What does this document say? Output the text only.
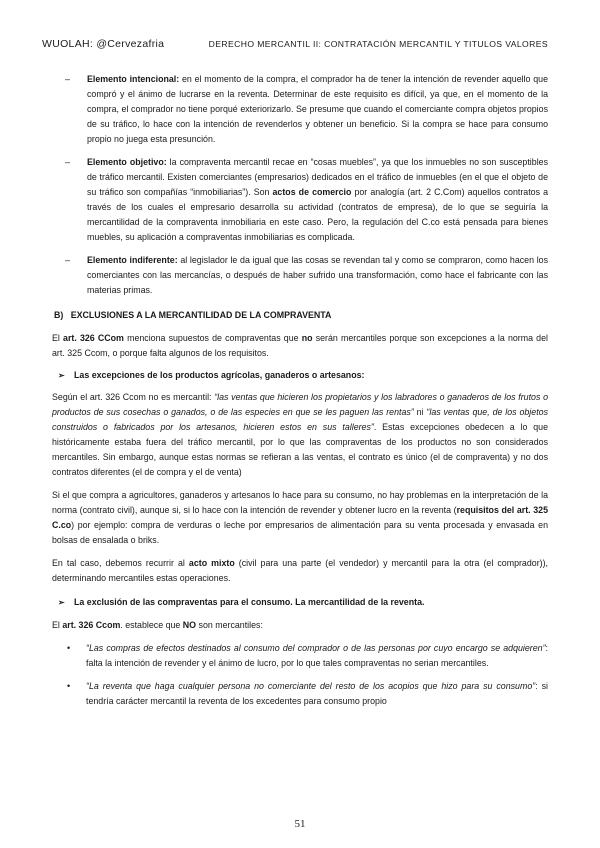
WUOLAH: @Cervezafria	DERECHO MERCANTIL II: CONTRATACIÓN MERCANTIL Y TITULOS VALORES

– Elemento intencional: en el momento de la compra, el comprador ha de tener la intención de revender aquello que compró y el ánimo de lucrarse en la reventa. Determinar de este requisito es difícil, ya que, en el momento de la compra, el comprador no tiene porqué exteriorizarlo. Se presume que cuando el comerciante compra objetos propios de su tráfico, lo hace con la intención de revenderlos y obtener un beneficio. Si la compra se hace para consumo propio no juega esta presunción.

– Elemento objetivo: la compraventa mercantil recae en “cosas muebles”, ya que los inmuebles no son susceptibles de tráfico mercantil. Existen comerciantes (empresarios) dedicados en el tráfico de inmuebles (en el que el objeto de su tráfico son compañías “inmobiliarias”). Son actos de comercio por analogía (art. 2 C.Com) aquellos contratos a través de los cuales el empresario desarrolla su actividad (contratos de empresa), de lo que se seguiría la mercantilidad de la compraventa inmobiliaria en este caso. Pero, la regulación del C.co está pensada para bienes muebles, su aplicación a compraventas inmobiliarias es complicada.

– Elemento indiferente: al legislador le da igual que las cosas se revendan tal y como se compraron, como hacen los comerciantes con las mercancías, o después de haber sufrido una transformación, como hace el fabricante con las materias primas.

B)   EXCLUSIONES A LA MERCANTILIDAD DE LA COMPRAVENTA

El art. 326 CCom menciona supuestos de compraventas que no serán mercantiles porque son excepciones a la norma del art. 325 Ccom, o porque falta algunos de los requisitos.

➢ Las excepciones de los productos agrícolas, ganaderos o artesanos:

Según el art. 326 Ccom no es mercantil: “las ventas que hicieren los propietarios y los labradores o ganaderos de los frutos o productos de sus cosechas o ganados, o de las especies en que se les paguen las rentas” ni “las ventas que, de los objetos construidos o fabricados por los artesanos, hicieren estos en sus talleres”. Estas excepciones obedecen a lo que históricamente estaba fuera del tráfico mercantil, por lo que las compraventas de los productos no son considerados mercantiles. Sin embargo, aunque estas normas se refieran a las ventas, el contrato es único (el de compraventa) y no dos contratos diferentes (el de compra y el de venta)

Si el que compra a agricultores, ganaderos y artesanos lo hace para su consumo, no hay problemas en la interpretación de la norma (contrato civil), aunque si, si lo hace con la intención de revender y obtener lucro en la reventa (requisitos del art. 325 C.co) por ejemplo: compra de verduras o leche por empresarios de alimentación para su venta procesada y envasada en bolsas de ensalada o briks.

En tal caso, debemos recurrir al acto mixto (civil para una parte (el vendedor) y mercantil para la otra (el comprador)), determinando mercantiles estas operaciones.

➢ La exclusión de las compraventas para el consumo. La mercantilidad de la reventa.

El art. 326 Ccom. establece que NO son mercantiles:

• “Las compras de efectos destinados al consumo del comprador o de las personas por cuyo encargo se adquieren”: falta la intención de revender y el ánimo de lucro, por lo que tales compraventas no serian mercantiles.

• “La reventa que haga cualquier persona no comerciante del resto de los acopios que hizo para su consumo”: si tendría carácter mercantil la reventa de los excedentes para consumo propio

51
